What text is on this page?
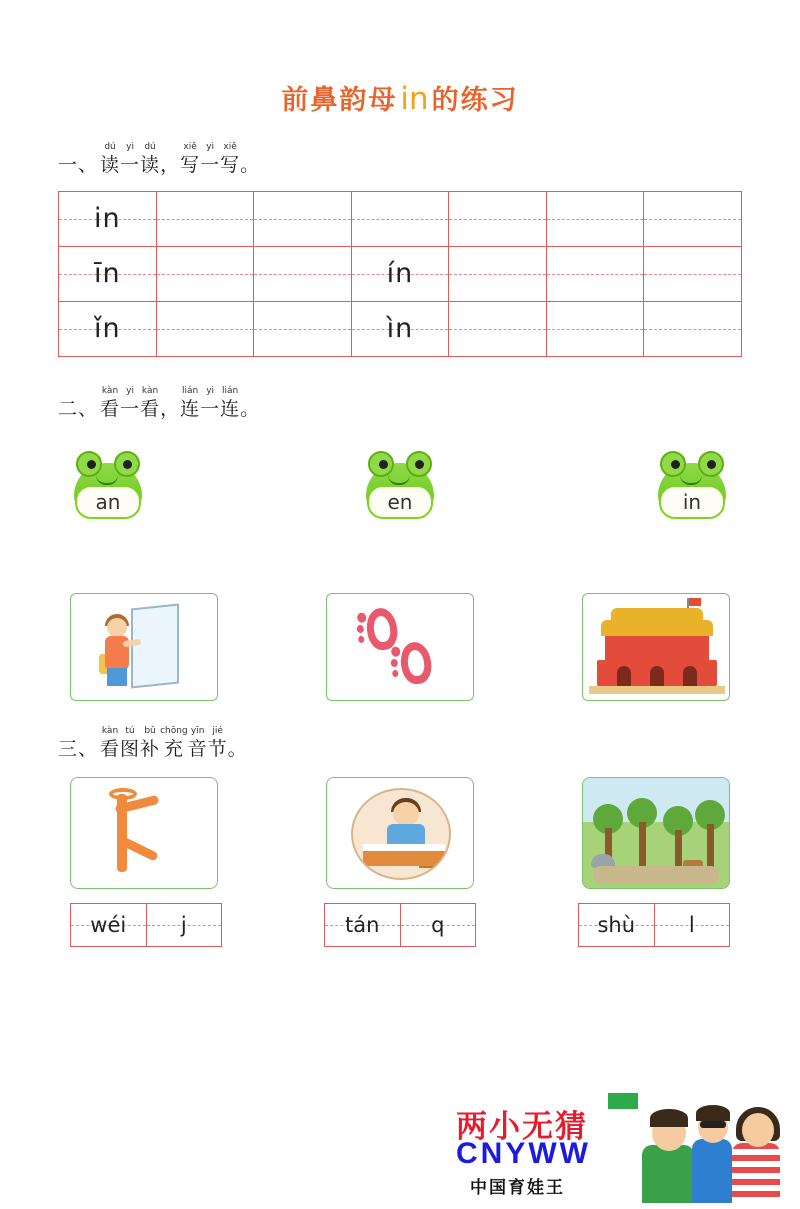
前鼻韵母in 的练习
一、
dú
读
yi
一
dú
读 ，
xiě
写
yi
一
xiě
写 。
in	

īn			ín	

ǐn			ìn	

二、
kàn
看
yi
一
kàn
看 ，
lián
连
yi
一
lián
连 。
an	en	in
三、
kàn
看
tú
图
bǔ
补
chōng
充
yīn
音
jié
节 。
wéi	j	tán q	shù	l
两小无猜
CNYWW
中国育娃王
